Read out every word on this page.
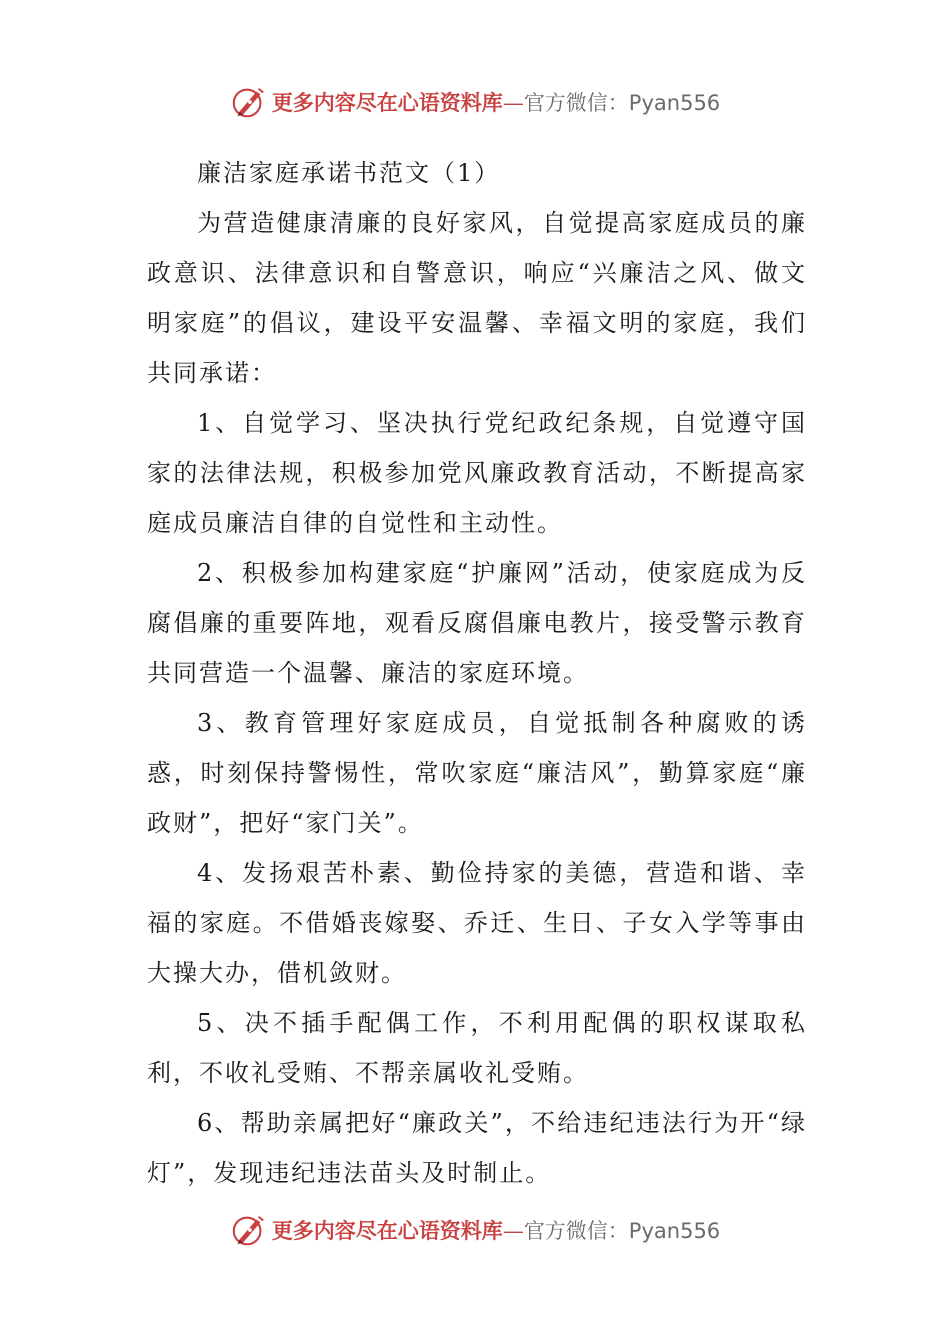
更多内容尽在心语资料库—官方微信：Pyan556

廉洁家庭承诺书范文（1）

为营造健康清廉的良好家风，自觉提高家庭成员的廉政意识、法律意识和自警意识，响应“兴廉洁之风、做文明家庭”的倡议，建设平安温馨、幸福文明的家庭，我们共同承诺：

1、自觉学习、坚决执行党纪政纪条规，自觉遵守国家的法律法规，积极参加党风廉政教育活动，不断提高家庭成员廉洁自律的自觉性和主动性。

2、积极参加构建家庭“护廉网”活动，使家庭成为反腐倡廉的重要阵地，观看反腐倡廉电教片，接受警示教育共同营造一个温馨、廉洁的家庭环境。

3、教育管理好家庭成员，自觉抵制各种腐败的诱惑，时刻保持警惕性，常吹家庭“廉洁风”，勤算家庭“廉政财”，把好“家门关”。

4、发扬艰苦朴素、勤俭持家的美德，营造和谐、幸福的家庭。不借婚丧嫁娶、乔迁、生日、子女入学等事由大操大办，借机敛财。

5、决不插手配偶工作，不利用配偶的职权谋取私利，不收礼受贿、不帮亲属收礼受贿。

6、帮助亲属把好“廉政关”，不给违纪违法行为开“绿灯”，发现违纪违法苗头及时制止。

更多内容尽在心语资料库—官方微信：Pyan556
